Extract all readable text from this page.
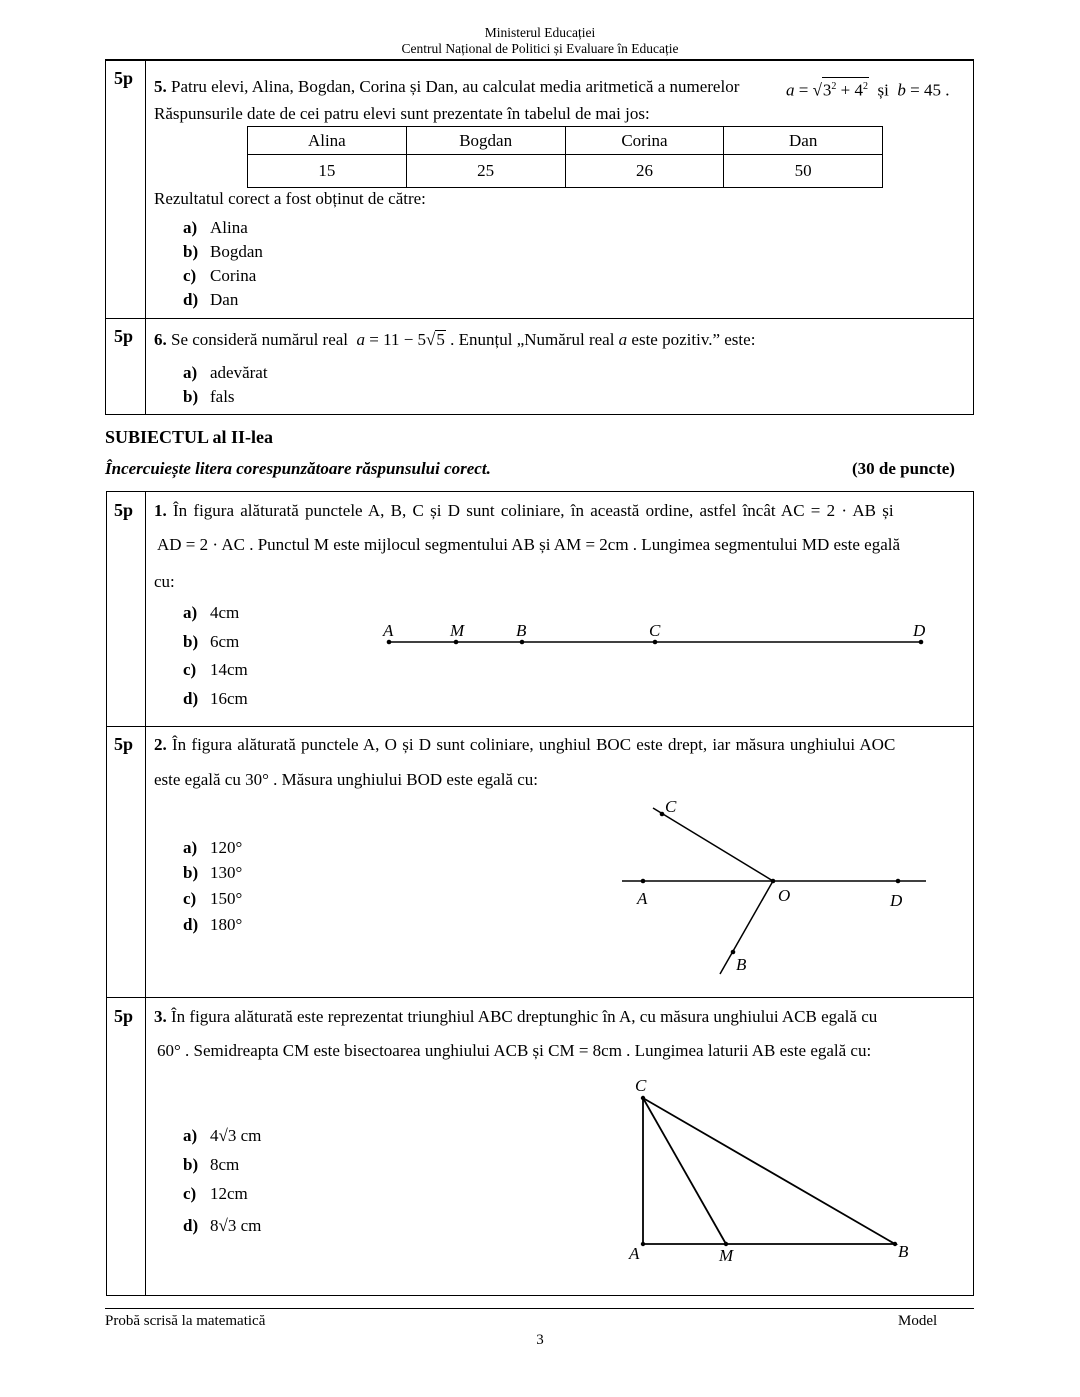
Ministerul Educației
Centrul Național de Politici și Evaluare în Educație
5p 5. Patru elevi, Alina, Bogdan, Corina și Dan, au calculat media aritmetică a numerelor	$a = √3^2 + 4^2$ și b = 45 .
Răspunsurile date de cei patru elevi sunt prezentate în tabelul de mai jos:
Alina	Bogdan	Corina	Dan
15	25	26	50
Rezultatul corect a fost obținut de către:
a) Alina
b) Bogdan
c) Corina
d) Dan
5p 6. Se consideră numărul real a = 11 − 5√5 . Enunțul „Numărul real a este pozitiv.” este:
a) adevărat
b) fals
SUBIECTUL al II-lea
Încercuiește litera corespunzătoare răspunsului corect.	(30 de puncte)
5p 1. În figura alăturată punctele A, B, C și D sunt coliniare, în această ordine, astfel încât AC = 2 · AB și
AD = 2 · AC . Punctul M este mijlocul segmentului AB și AM = 2cm . Lungimea segmentului MD este egală
cu:
a) 4cm
b) 6cm
c) 14cm
d) 16cm
A	M	B	C	D
5p 2. În figura alăturată punctele A, O și D sunt coliniare, unghiul BOC este drept, iar măsura unghiului AOC
este egală cu 30° . Măsura unghiului BOD este egală cu:
a) 120°
b) 130°
c) 150°
d) 180°
C
A	O	D
B
5p 3. În figura alăturată este reprezentat triunghiul ABC dreptunghic în A, cu măsura unghiului ACB egală cu
60° . Semidreapta CM este bisectoarea unghiului ACB și CM = 8cm . Lungimea laturii AB este egală cu:
a) 4√3 cm
b) 8cm
c) 12cm
d) 8√3 cm
C
A	M	B
Probă scrisă la matematică	Model
3
